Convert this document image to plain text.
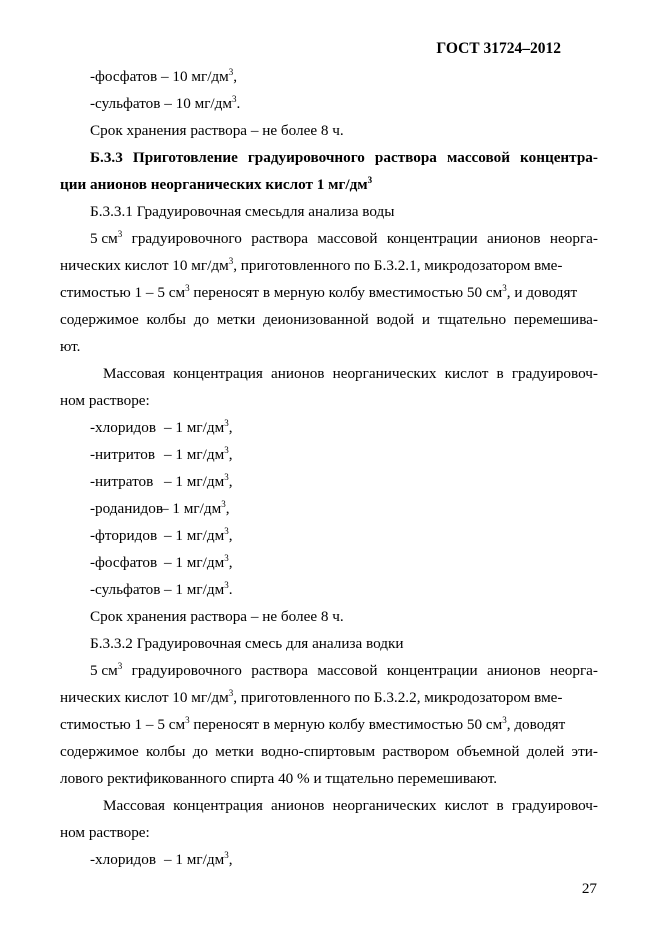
ГОСТ 31724–2012
-фосфатов – 10 $мг/дм^3$,
-сульфатов – 10 $мг/дм^3$.
Срок хранения раствора – не более 8 ч.
Б.3.3 Приготовление градуировочного раствора массовой концентра-
ции анионов неорганических кислот 1 $мг/дм^3$
Б.3.3.1 Градуировочная смесьдля анализа воды
5 $см^3$ градуировочного раствора массовой концентрации анионов неорга-
нических кислот 10 $мг/дм^3$, приготовленного по Б.3.2.1, микродозатором вме-
стимостью 1 – 5 $см^3$ переносят в мерную колбу вместимостью 50 $см^3$, и доводят
содержимое колбы до метки деионизованной водой и тщательно перемешива-
ют.
Массовая концентрация анионов неорганических кислот в градуировоч-
ном растворе:
-хлоридов – 1 $мг/дм^3$,
-нитритов – 1 $мг/дм^3$,
-нитратов – 1 $мг/дм^3$,
-роданидов– 1 $мг/дм^3$,
-фторидов – 1 $мг/дм^3$,
-фосфатов – 1 $мг/дм^3$,
-сульфатов – 1 $мг/дм^3$.
Срок хранения раствора – не более 8 ч.
Б.3.3.2 Градуировочная смесь для анализа водки
5 $см^3$ градуировочного раствора массовой концентрации анионов неорга-
нических кислот 10 $мг/дм^3$, приготовленного по Б.3.2.2, микродозатором вме-
стимостью 1 – 5 $см^3$ переносят в мерную колбу вместимостью 50 $см^3$, доводят
содержимое колбы до метки водно-спиртовым раствором объемной долей эти-
лового ректификованного спирта 40 % и тщательно перемешивают.
Массовая концентрация анионов неорганических кислот в градуировоч-
ном растворе:
-хлоридов – 1 $мг/дм^3$,
27
